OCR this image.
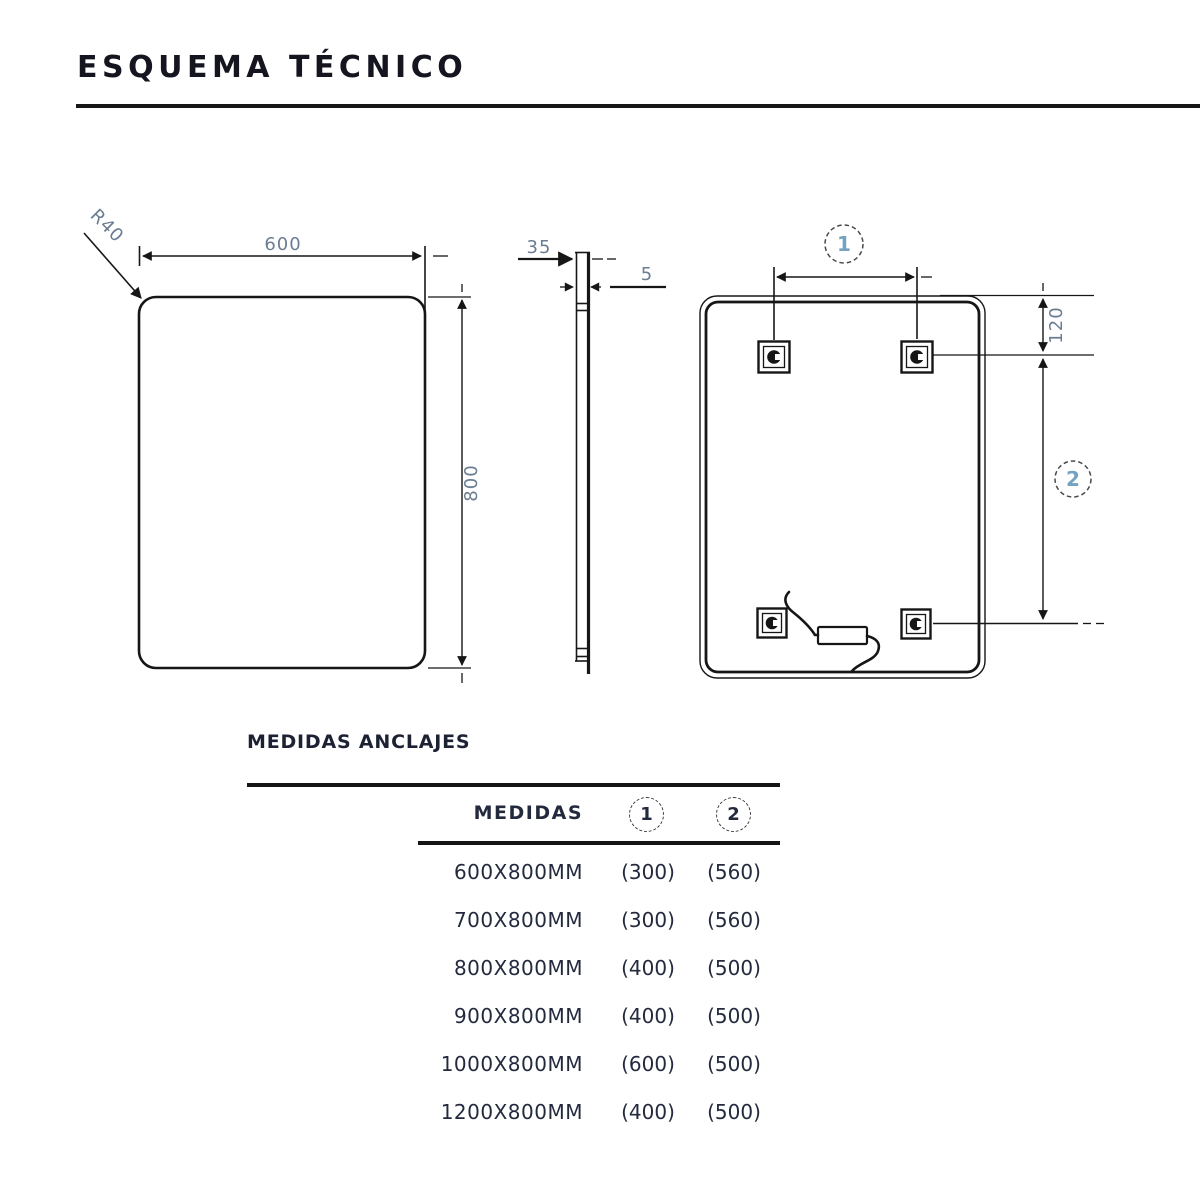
ESQUEMA TÉCNICO
600
R40
800
35
5
1
120
2
MEDIDAS ANCLAJES
MEDIDAS	1	2
600X800MM
700X800MM
800X800MM
900X800MM
1000X800MM
1200X800MM
(300)
(300)
(400)
(400)
(600)
(400)
(560)
(560)
(500)
(500)
(500)
(500)
